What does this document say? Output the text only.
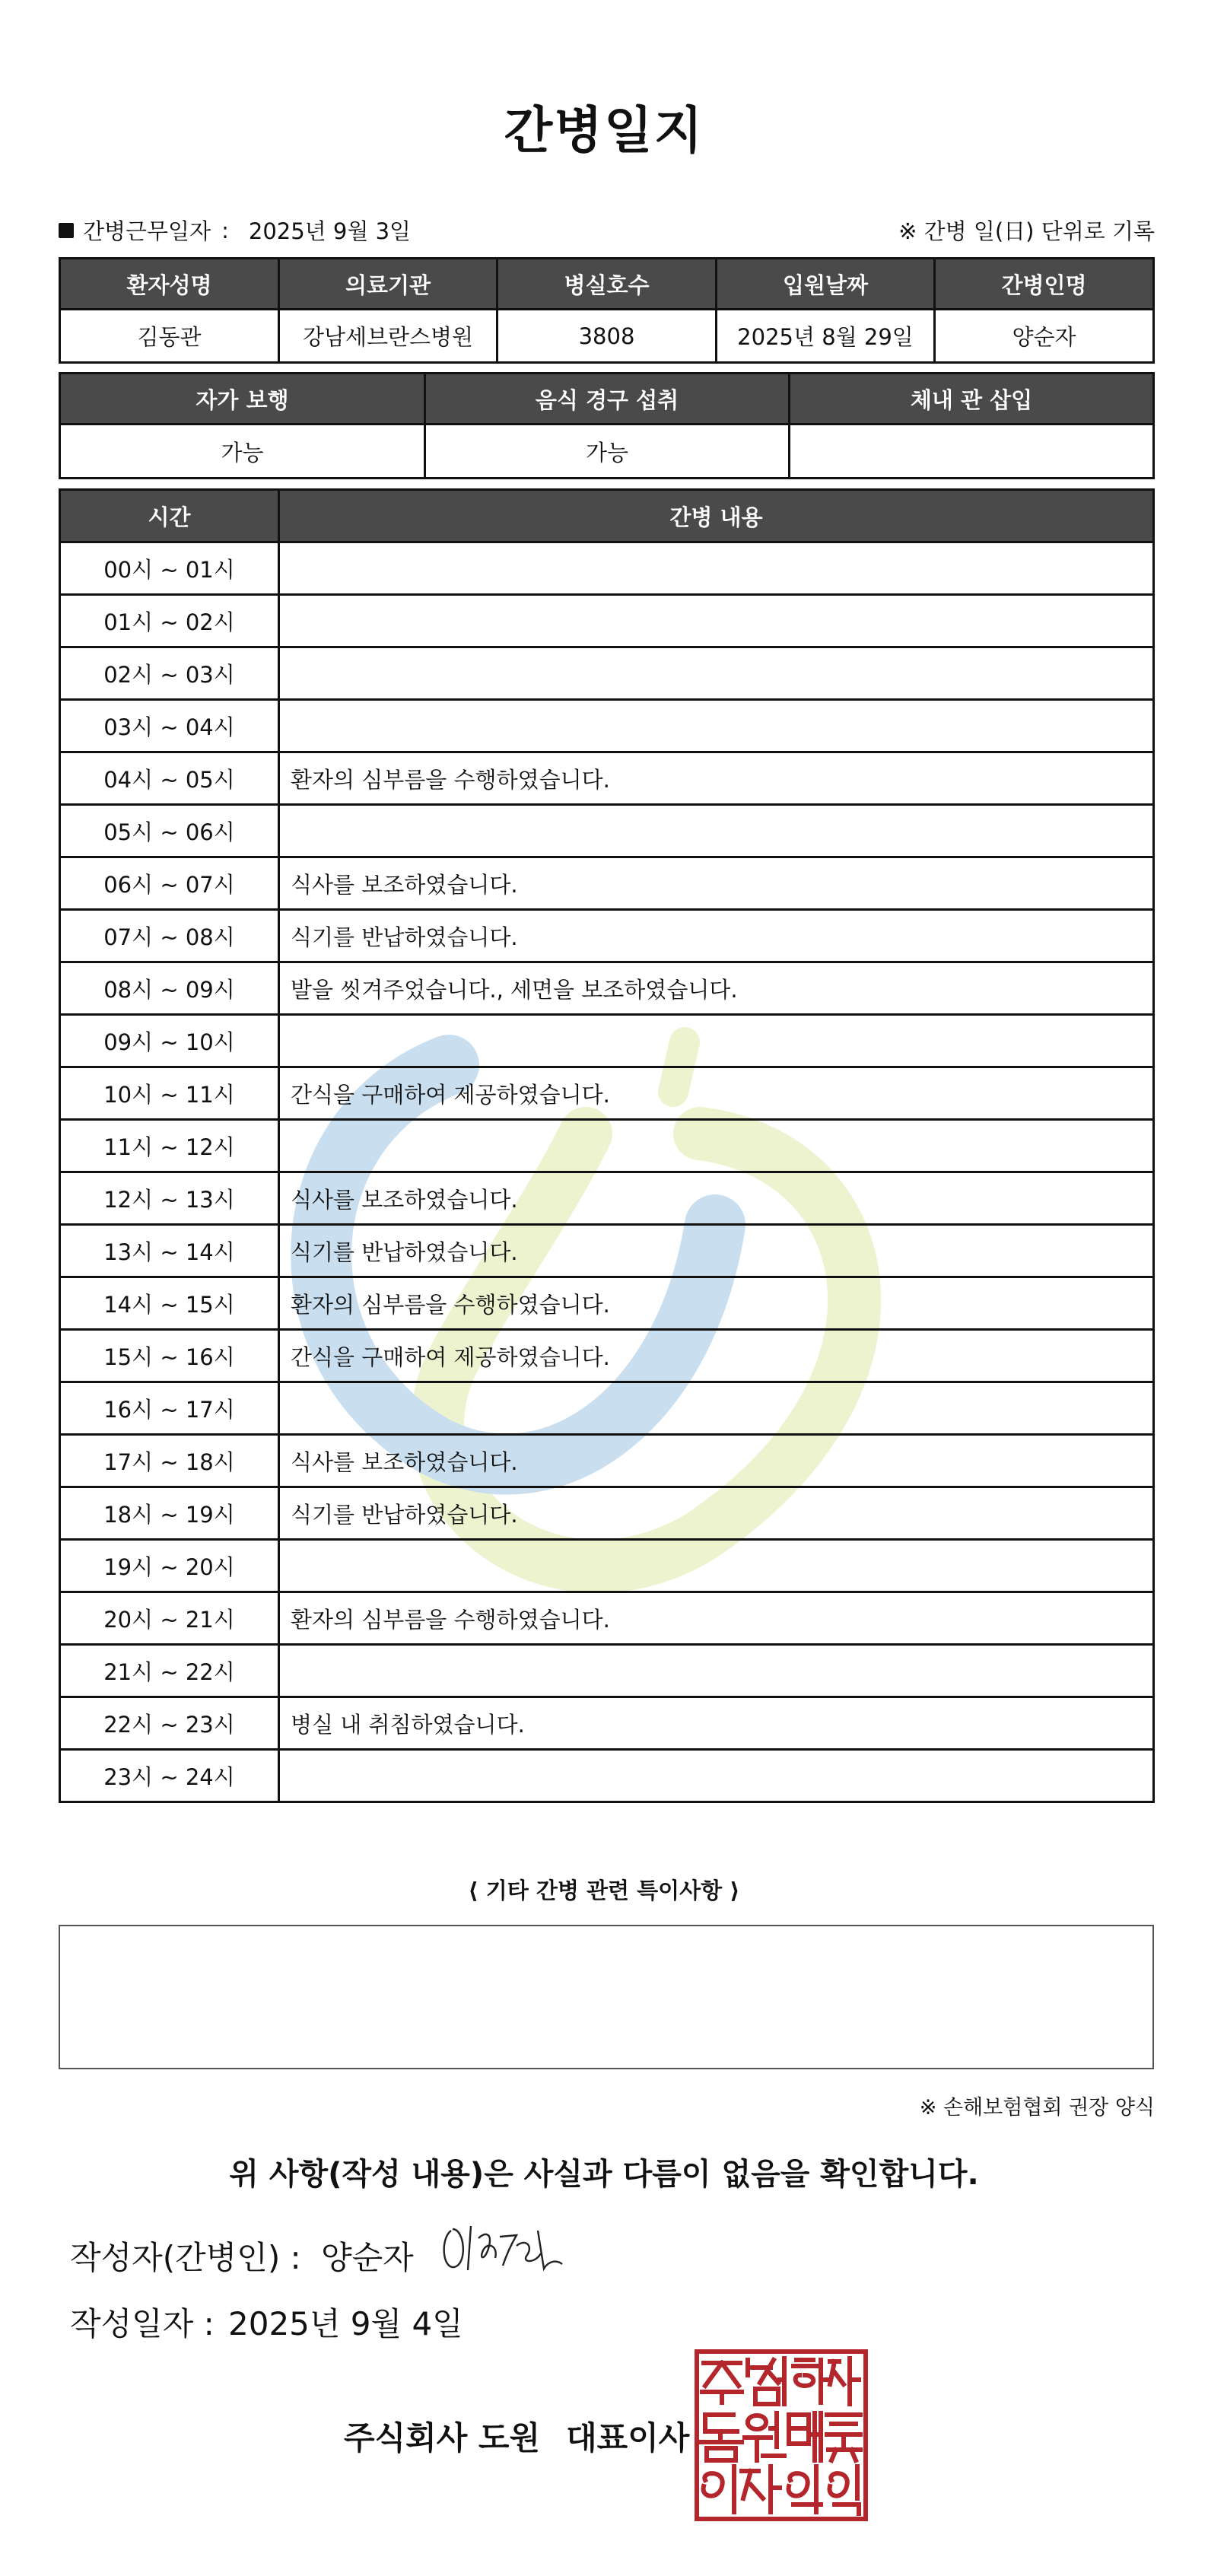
간병일지
간병근무일자 : 2025년 9월 3일	※ 간병 일(日) 단위로 기록
환자성명	의료기관	병실호수	입원날짜	간병인명
김동관	강남세브란스병원	3808	2025년 8월 29일	양순자
자가 보행	음식 경구 섭취	체내 관 삽입
가능	가능	
시간	간병 내용
00시 ~ 01시	
01시 ~ 02시	
02시 ~ 03시	
03시 ~ 04시	
04시 ~ 05시	환자의 심부름을 수행하였습니다.
05시 ~ 06시	
06시 ~ 07시	식사를 보조하였습니다.
07시 ~ 08시	식기를 반납하였습니다.
08시 ~ 09시	발을 씻겨주었습니다., 세면을 보조하였습니다.
09시 ~ 10시	
10시 ~ 11시	간식을 구매하여 제공하였습니다.
11시 ~ 12시	
12시 ~ 13시	식사를 보조하였습니다.
13시 ~ 14시	식기를 반납하였습니다.
14시 ~ 15시	환자의 심부름을 수행하였습니다.
15시 ~ 16시	간식을 구매하여 제공하였습니다.
16시 ~ 17시	
17시 ~ 18시	식사를 보조하였습니다.
18시 ~ 19시	식기를 반납하였습니다.
19시 ~ 20시	
20시 ~ 21시	환자의 심부름을 수행하였습니다.
21시 ~ 22시	
22시 ~ 23시	병실 내 취침하였습니다.
23시 ~ 24시	
⟨ 기타 간병 관련 특이사항 ⟩
※ 손해보험협회 권장 양식
위 사항(작성 내용)은 사실과 다름이 없음을 확인합니다.
작성자(간병인) : 양순자
작성일자 : 2025년 9월 4일
주식회사 도원 대표이사
